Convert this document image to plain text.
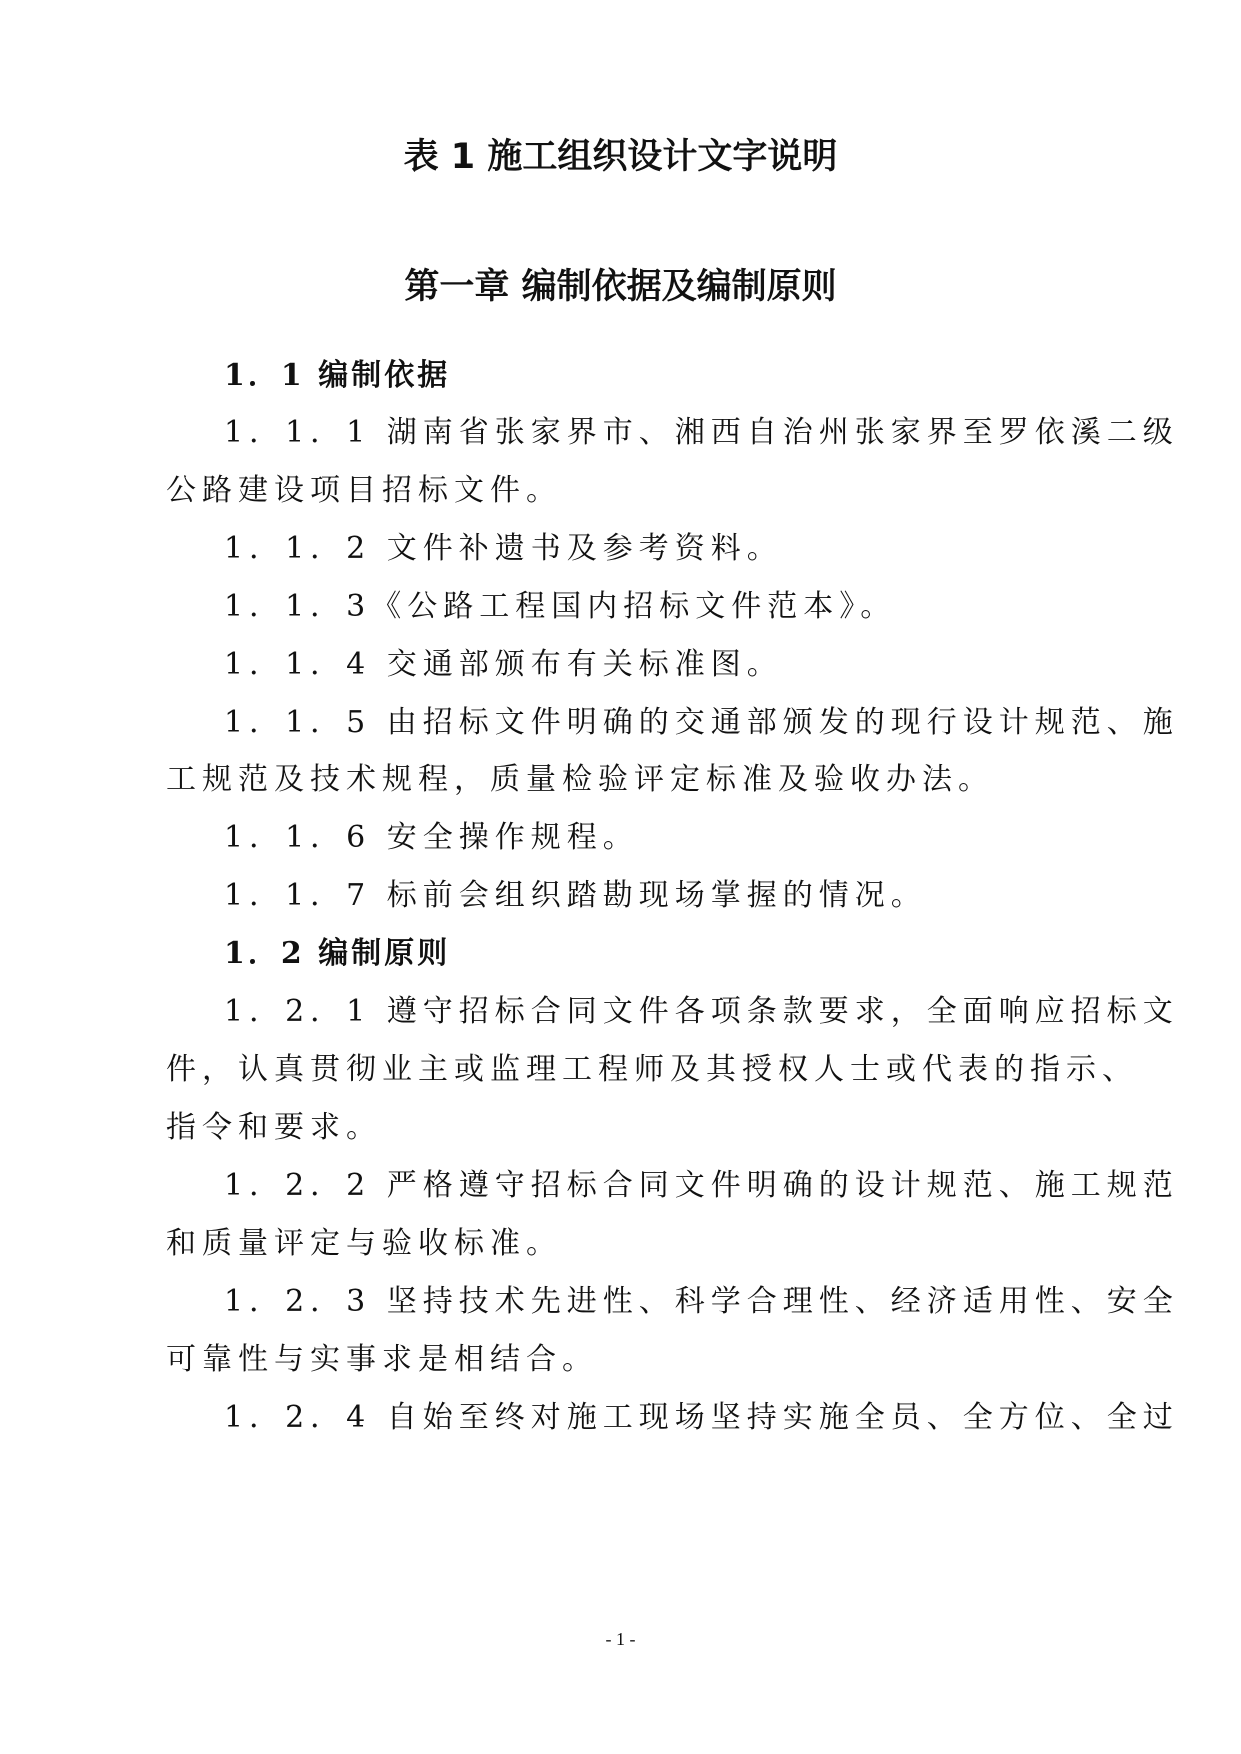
表 1 施工组织设计文字说明
第一章 编制依据及编制原则
1．1 编制依据
1．1．1 湖南省张家界市、湘西自治州张家界至罗依溪二级
公路建设项目招标文件。
1．1．2 文件补遗书及参考资料。
1．1．3《公路工程国内招标文件范本》。
1．1．4 交通部颁布有关标准图。
1．1．5 由招标文件明确的交通部颁发的现行设计规范、施
工规范及技术规程，质量检验评定标准及验收办法。
1．1．6 安全操作规程。
1．1．7 标前会组织踏勘现场掌握的情况。
1．2 编制原则
1．2．1 遵守招标合同文件各项条款要求，全面响应招标文
件，认真贯彻业主或监理工程师及其授权人士或代表的指示、
指令和要求。
1．2．2 严格遵守招标合同文件明确的设计规范、施工规范
和质量评定与验收标准。
1．2．3 坚持技术先进性、科学合理性、经济适用性、安全
可靠性与实事求是相结合。
1．2．4 自始至终对施工现场坚持实施全员、全方位、全过
- 1 -
